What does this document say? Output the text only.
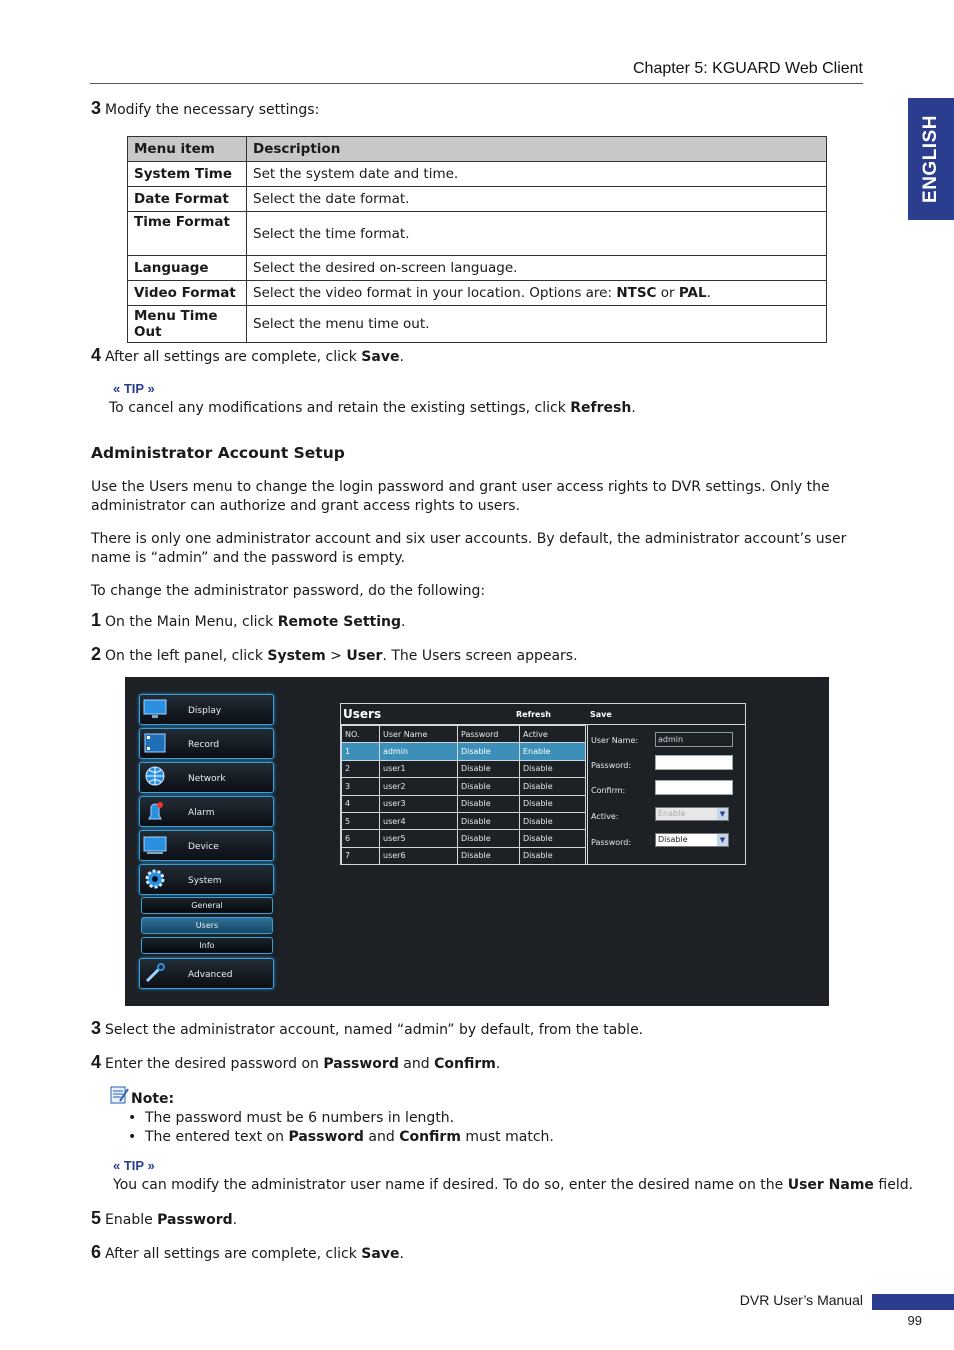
Chapter 5: KGUARD Web Client
ENGLISH
3 Modify the necessary settings:
Menu item	Description
System Time	Set the system date and time.
Date Format	Select the date format.
Time Format	Select the time format.
Language	Select the desired on-screen language.
Video Format	Select the video format in your location. Options are: NTSC or PAL.
Menu Time Out	Select the menu time out.
4 After all settings are complete, click Save.
« TIP »
To cancel any modifications and retain the existing settings, click Refresh.
Administrator Account Setup
Use the Users menu to change the login password and grant user access rights to DVR settings. Only the administrator can authorize and grant access rights to users.
There is only one administrator account and six user accounts. By default, the administrator account’s user name is “admin” and the password is empty.
To change the administrator password, do the following:
1 On the Main Menu, click Remote Setting.
2 On the left panel, click System > User. The Users screen appears.
Display
Record
Network
Alarm
Device
System
General
Users
Info
Advanced
Users	Refresh	Save
NO.	User Name	Password	Active
1	admin	Disable	Enable
2	user1	Disable	Disable
3	user2	Disable	Disable
4	user3	Disable	Disable
5	user4	Disable	Disable
6	user5	Disable	Disable
7	user6	Disable	Disable
User Name:	admin
Password:
Confirm:
Active:	Enable	▼
Password:	Disable	▼
3 Select the administrator account, named “admin” by default, from the table.
4 Enter the desired password on Password and Confirm.
Note:
• The password must be 6 numbers in length.
• The entered text on Password and Confirm must match.
« TIP »
You can modify the administrator user name if desired. To do so, enter the desired name on the User Name field.
5 Enable Password.
6 After all settings are complete, click Save.
DVR User’s Manual
99
